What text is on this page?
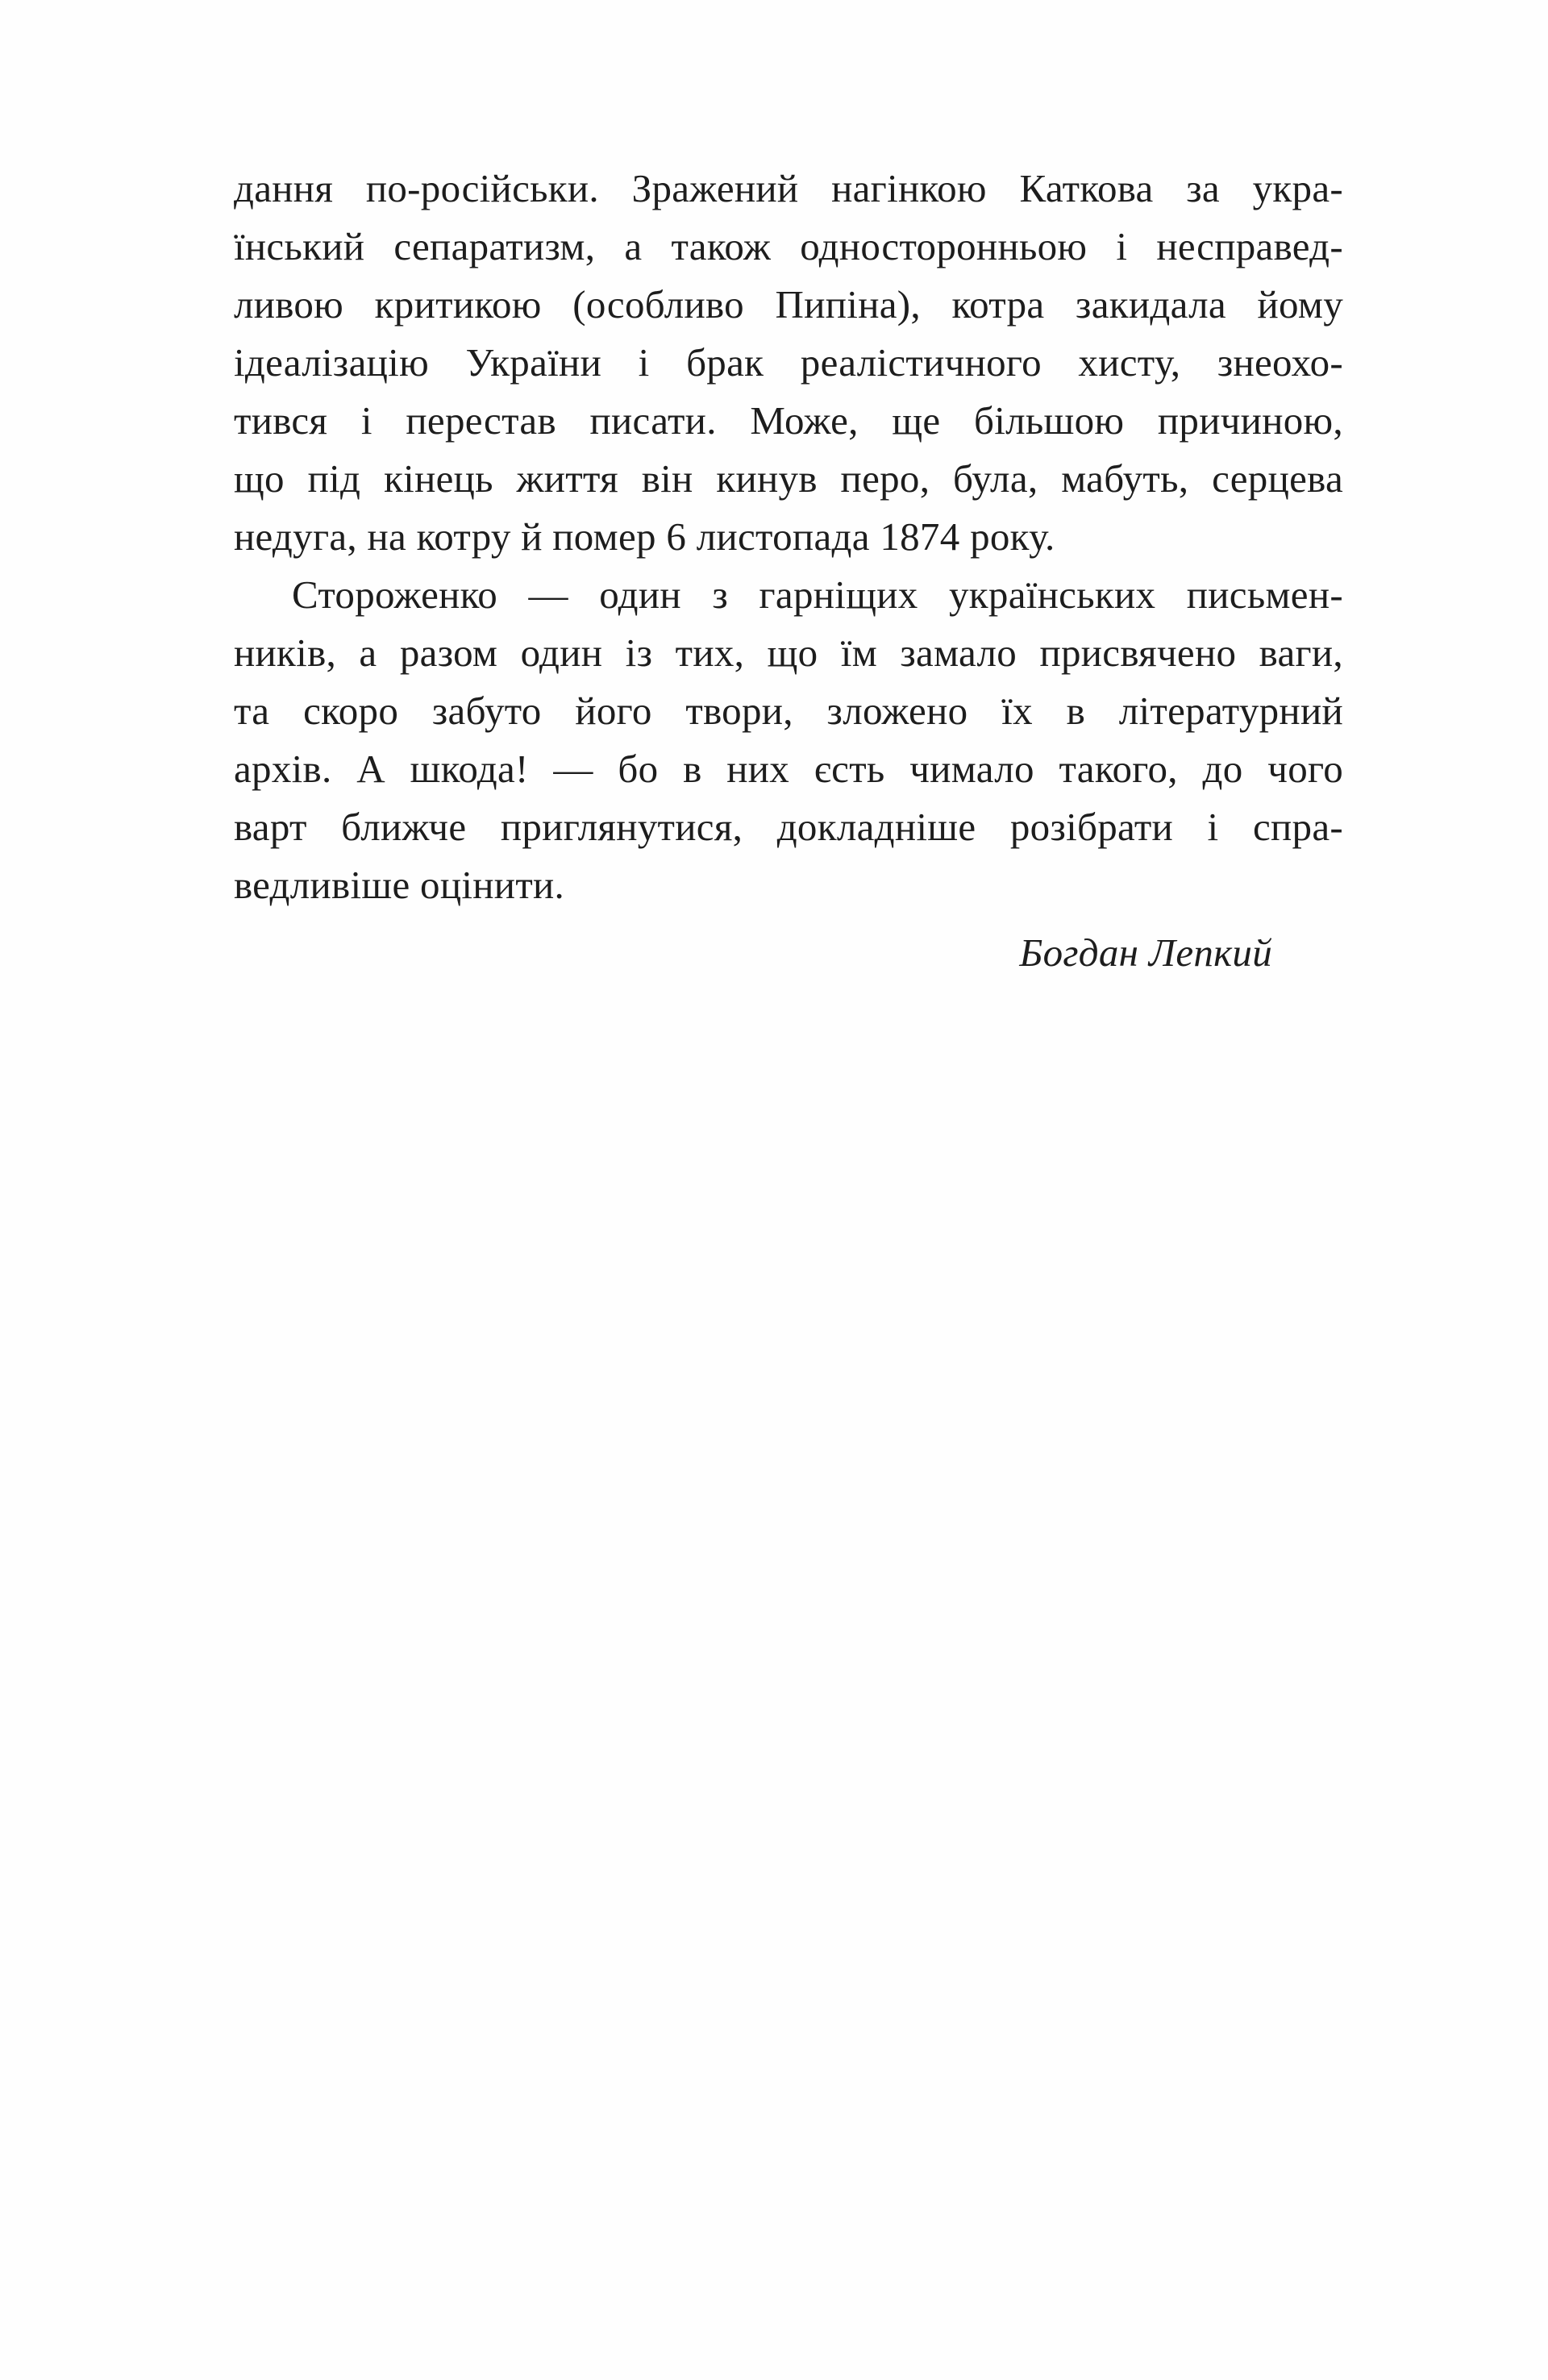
дання по-російськи. Зражений нагінкою Каткова за укра-
їнський сепаратизм, а також односторонньою і несправед-
ливою критикою (особливо Пипіна), котра закидала йому
ідеалізацію України і брак реалістичного хисту, знеохо-
тився і перестав писати. Може, ще більшою причиною,
що під кінець життя він кинув перо, була, мабуть, серцева
недуга, на котру й помер 6 листопада 1874 року.
Стороженко — один з гарніщих українських письмен-
ників, а разом один із тих, що їм замало присвячено ваги,
та скоро забуто його твори, зложено їх в літературний
архів. А шкода! — бо в них єсть чимало такого, до чого
варт ближче приглянутися, докладніше розібрати і спра-
ведливіше оцінити.
Богдан Лепкий
